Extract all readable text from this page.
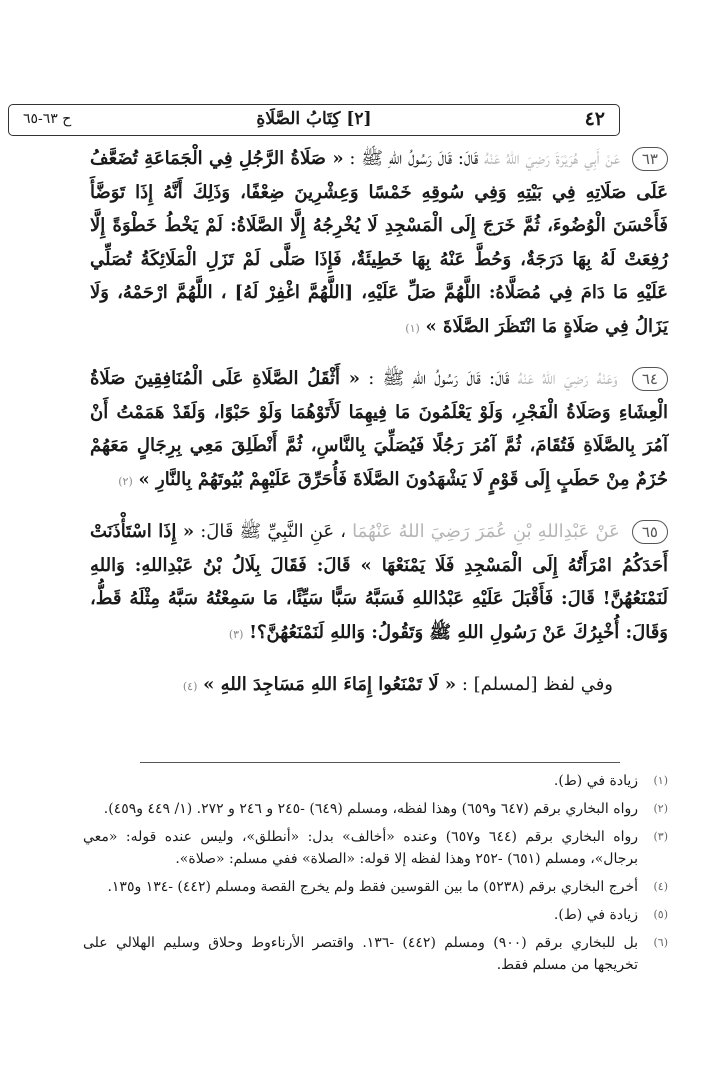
٤٢
[٢] كِتَابُ الصَّلَاةِ
ح ٦٣-٦٥
٦٣ عَنْ أَبِي هُرَيْرَةَ رَضِيَ اللهُ عَنْهُ قَالَ: قَالَ رَسُولُ اللهِ ﷺ : « صَلَاةُ الرَّجُلِ فِي الْجَمَاعَةِ تُضَعَّفُ عَلَى صَلَاتِهِ فِي بَيْتِهِ وَفِي سُوقِهِ خَمْسًا وَعِشْرِينَ ضِعْفًا، وَذَلِكَ أَنَّهُ إِذَا تَوَضَّأَ فَأَحْسَنَ الْوُضُوءَ، ثُمَّ خَرَجَ إِلَى الْمَسْجِدِ لَا يُخْرِجُهُ إِلَّا الصَّلَاةُ: لَمْ يَخْطُ خَطْوَةً إِلَّا رُفِعَتْ لَهُ بِهَا دَرَجَةٌ، وَحُطَّ عَنْهُ بِهَا خَطِيئَةٌ، فَإِذَا صَلَّى لَمْ تَزَلِ الْمَلَائِكَةُ تُصَلِّي عَلَيْهِ مَا دَامَ فِي مُصَلَّاهُ: اللَّهُمَّ صَلِّ عَلَيْهِ، [اللَّهُمَّ اغْفِرْ لَهُ] ، اللَّهُمَّ ارْحَمْهُ، وَلَا يَزَالُ فِي صَلَاةٍ مَا انْتَظَرَ الصَّلَاةَ » (١)
٦٤ وَعَنْهُ رَضِيَ اللهُ عَنْهُ قَالَ: قَالَ رَسُولُ اللهِ ﷺ : « أَثْقَلُ الصَّلَاةِ عَلَى الْمُنَافِقِينَ صَلَاةُ الْعِشَاءِ وَصَلَاةُ الْفَجْرِ، وَلَوْ يَعْلَمُونَ مَا فِيهِمَا لَأَتَوْهُمَا وَلَوْ حَبْوًا، وَلَقَدْ هَمَمْتُ أَنْ آمُرَ بِالصَّلَاةِ فَتُقَامَ، ثُمَّ آمُرَ رَجُلًا فَيُصَلِّيَ بِالنَّاسِ، ثُمَّ أَنْطَلِقَ مَعِي بِرِجَالٍ مَعَهُمْ حُزَمٌ مِنْ حَطَبٍ إِلَى قَوْمٍ لَا يَشْهَدُونَ الصَّلَاةَ فَأُحَرِّقَ عَلَيْهِمْ بُيُوتَهُمْ بِالنَّارِ » (٢)
٦٥ عَنْ عَبْدِاللهِ بْنِ عُمَرَ رَضِيَ اللهُ عَنْهُمَا ، عَنِ النَّبِيِّ ﷺ قَالَ: « إِذَا اسْتَأْذَنَتْ أَحَدَكُمُ امْرَأَتُهُ إِلَى الْمَسْجِدِ فَلَا يَمْنَعْهَا » قَالَ: فَقَالَ بِلَالُ بْنُ عَبْدِاللهِ: وَاللهِ لَنَمْنَعُهُنَّ! قَالَ: فَأَقْبَلَ عَلَيْهِ عَبْدُاللهِ فَسَبَّهُ سَبًّا سَيِّئًا، مَا سَمِعْتُهُ سَبَّهُ مِثْلَهُ قَطُّ، وَقَالَ: أُخْبِرُكَ عَنْ رَسُولِ اللهِ ﷺ وَتَقُولُ: وَاللهِ لَنَمْنَعُهُنَّ؟! (٣)
وفي لفظ [لمسلم] : « لَا تَمْنَعُوا إِمَاءَ اللهِ مَسَاجِدَ اللهِ » (٤)
(١)
زيادة في (ط).
(٢)
رواه البخاري برقم (٦٤٧ و٦٥٩) وهذا لفظه، ومسلم (٦٤٩) -٢٤٥ و ٢٤٦ و ٢٧٢. (١/ ٤٤٩ و٤٥٩).
(٣)
رواه البخاري برقم (٦٤٤ و٦٥٧) وعنده «أخالف» بدل: «أنطلق»، وليس عنده قوله: «معي برجال»، ومسلم (٦٥١) -٢٥٢ وهذا لفظه إلا قوله: «الصلاة» ففي مسلم: «صلاة».
(٤)
أخرج البخاري برقم (٥٢٣٨) ما بين القوسين فقط ولم يخرج القصة ومسلم (٤٤٢) -١٣٤ و١٣٥.
(٥)
زيادة في (ط).
(٦)
بل للبخاري برقم (٩٠٠) ومسلم (٤٤٢) -١٣٦. واقتصر الأرناءوط وحلاق وسليم الهلالي على تخريجها من مسلم فقط.
